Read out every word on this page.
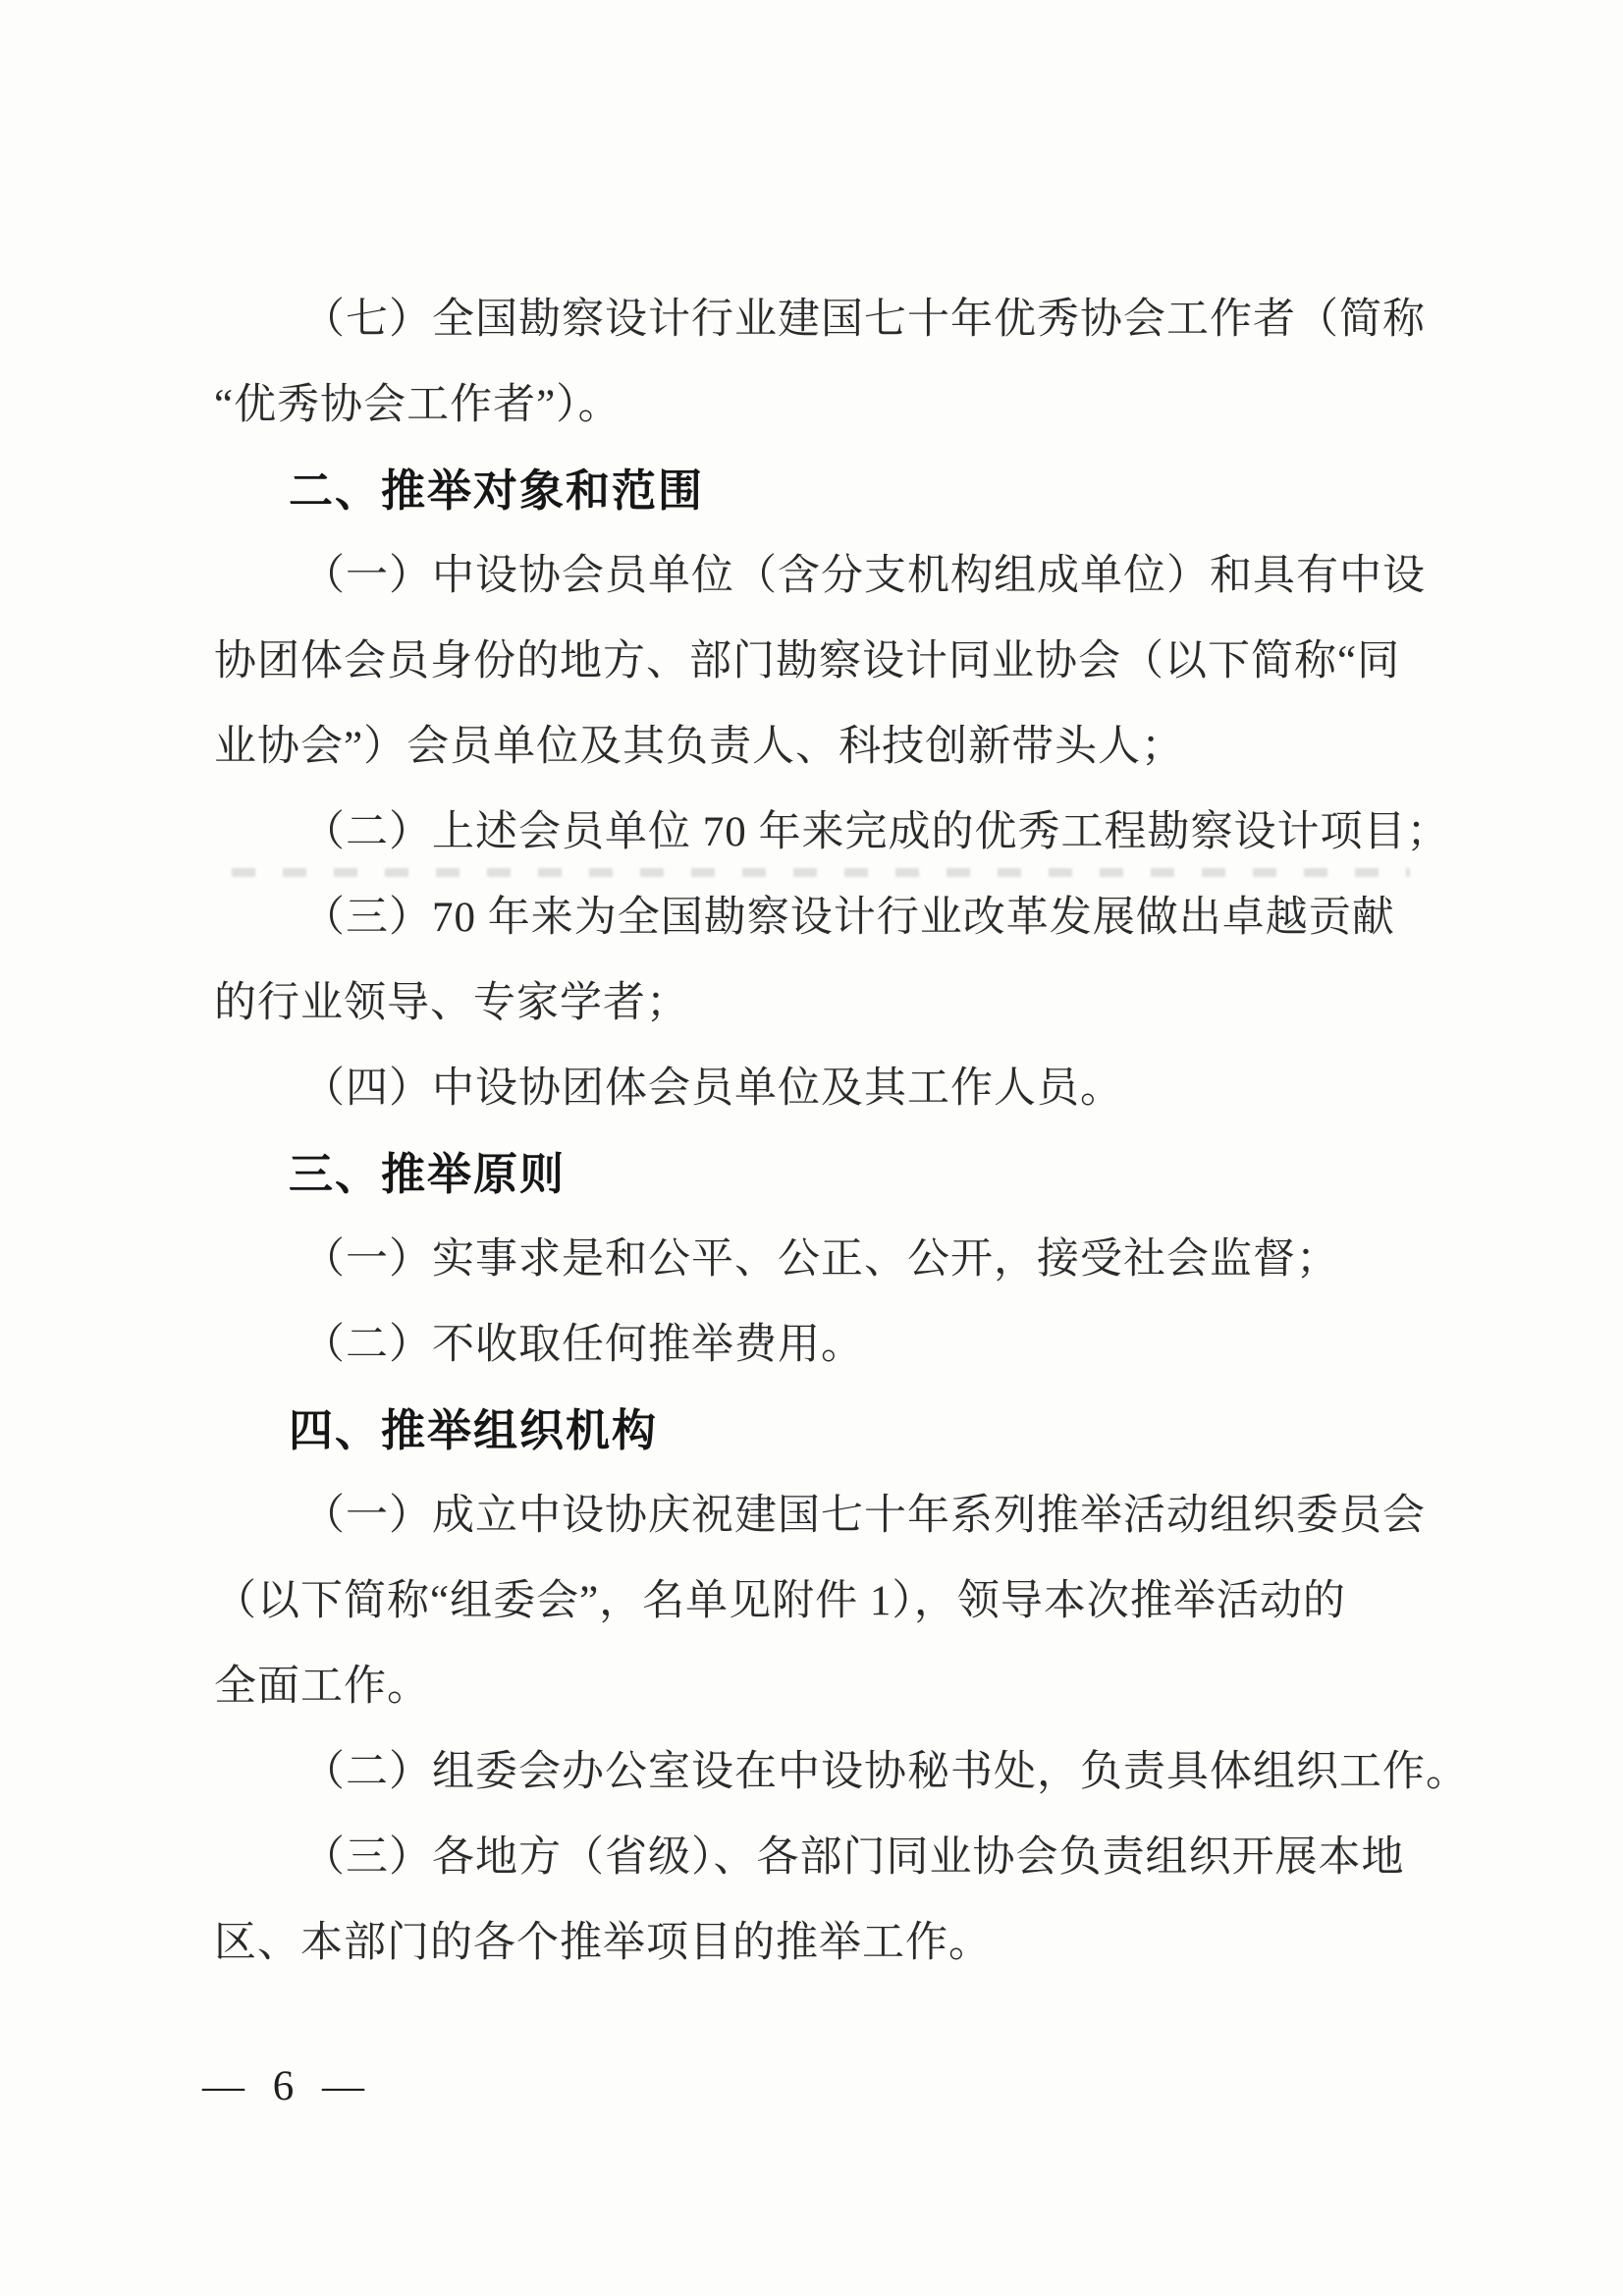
（七）全国勘察设计行业建国七十年优秀协会工作者（简称
“优秀协会工作者”）。
二、推举对象和范围
（一）中设协会员单位（含分支机构组成单位）和具有中设
协团体会员身份的地方、部门勘察设计同业协会（以下简称“同
业协会”）会员单位及其负责人、科技创新带头人；
（二）上述会员单位 70 年来完成的优秀工程勘察设计项目；
（三）70 年来为全国勘察设计行业改革发展做出卓越贡献
的行业领导、专家学者；
（四）中设协团体会员单位及其工作人员。
三、推举原则
（一）实事求是和公平、公正、公开，接受社会监督；
（二）不收取任何推举费用。
四、推举组织机构
（一）成立中设协庆祝建国七十年系列推举活动组织委员会
（以下简称“组委会”，名单见附件 1），领导本次推举活动的
全面工作。
（二）组委会办公室设在中设协秘书处，负责具体组织工作。
（三）各地方（省级）、各部门同业协会负责组织开展本地
区、本部门的各个推举项目的推举工作。
— 6 —
